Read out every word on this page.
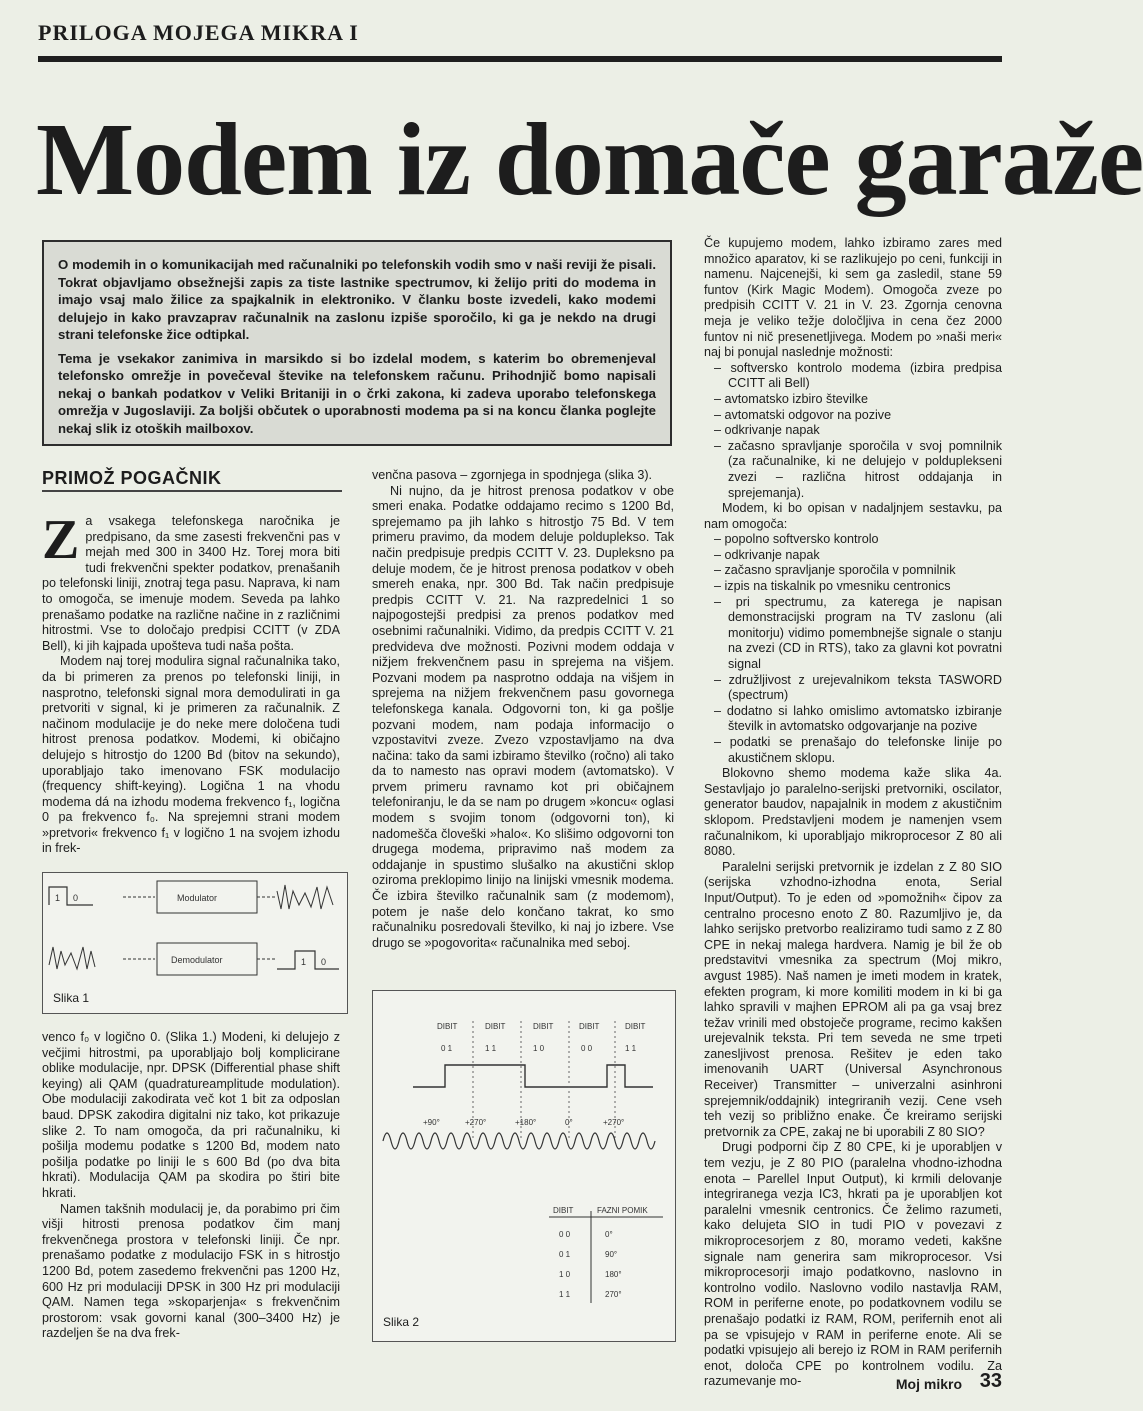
PRILOGA MOJEGA MIKRA I
Modem iz domače garaže

O modemih in o komunikacijah med računalniki po telefonskih vodih smo v naši reviji že pisali. Tokrat objavljamo obsežnejši zapis za tiste lastnike spectrumov, ki želijo priti do modema in imajo vsaj malo žilice za spajkalnik in elektroniko. V članku boste izvedeli, kako modemi delujejo in kako pravzaprav računalnik na zaslonu izpiše sporočilo, ki ga je nekdo na drugi strani telefonske žice odtipkal.

Tema je vsekakor zanimiva in marsikdo si bo izdelal modem, s katerim bo obremenjeval telefonsko omrežje in povečeval števike na telefonskem računu. Prihodnjič bomo napisali nekaj o bankah podatkov v Veliki Britaniji in o črki zakona, ki zadeva uporabo telefonskega omrežja v Jugoslaviji. Za boljši občutek o uporabnosti modema pa si na koncu članka poglejte nekaj slik iz otoških mailboxov.

PRIMOŽ POGAČNIK
Z a vsakega telefonskega naročnika je predpisano, da sme zasesti frekvenčni pas v mejah med 300 in 3400 Hz. Torej mora biti tudi frekvenčni spekter podatkov, prenašanih po telefonski liniji, znotraj tega pasu. Naprava, ki nam to omogoča, se imenuje modem. Seveda pa lahko prenašamo podatke na različne načine in z različnimi hitrostmi. Vse to določajo predpisi CCITT (v ZDA Bell), ki jih kajpada upošteva tudi naša pošta.

Modem naj torej modulira signal računalnika tako, da bi primeren za prenos po telefonski liniji, in nasprotno, telefonski signal mora demodulirati in ga pretvoriti v signal, ki je primeren za računalnik. Z načinom modulacije je do neke mere določena tudi hitrost prenosa podatkov. Modemi, ki običajno delujejo s hitrostjo do 1200 Bd (bitov na sekundo), uporabljajo tako imenovano FSK modulacijo (frequency shift-keying). Logična 1 na vhodu modema dá na izhodu modema frekvenco f₁, logična 0 pa frekvenco f₀. Na sprejemni strani modem »pretvori« frekvenco f₁ v logično 1 na svojem izhodu in frek-

0
1	Modulator
Demodulator	1 0
Slika 1

venco f₀ v logično 0. (Slika 1.) Modeni, ki delujejo z večjimi hitrostmi, pa uporabljajo bolj komplicirane oblike modulacije, npr. DPSK (Differential phase shift keying) ali QAM (quadratureamplitude modulation). Obe modulaciji zakodirata več kot 1 bit za odposlan baud. DPSK zakodira digitalni niz tako, kot prikazuje slike 2. To nam omogoča, da pri računalniku, ki pošilja modemu podatke s 1200 Bd, modem nato pošilja podatke po liniji le s 600 Bd (po dva bita hkrati). Modulacija QAM pa skodira po štiri bite hkrati.

Namen takšnih modulacij je, da porabimo pri čim višji hitrosti prenosa podatkov čim manj frekvenčnega prostora v telefonski liniji. Če npr. prenašamo podatke z modulacijo FSK in s hitrostjo 1200 Bd, potem zasedemo frekvenčni pas 1200 Hz, 600 Hz pri modulaciji DPSK in 300 Hz pri modulaciji QAM. Namen tega »skoparjenja« s frekvenčnim prostorom: vsak govorni kanal (300–3400 Hz) je razdeljen še na dva frek-

venčna pasova – zgornjega in spodnjega (slika 3).

Ni nujno, da je hitrost prenosa podatkov v obe smeri enaka. Podatke oddajamo recimo s 1200 Bd, sprejemamo pa jih lahko s hitrostjo 75 Bd. V tem primeru pravimo, da modem deluje polduplekso. Tak način predpisuje predpis CCITT V. 23. Dupleksno pa deluje modem, če je hitrost prenosa podatkov v obeh smereh enaka, npr. 300 Bd. Tak način predpisuje predpis CCITT V. 21. Na razpredelnici 1 so najpogostejši predpisi za prenos podatkov med osebnimi računalniki. Vidimo, da predpis CCITT V. 21 predvideva dve možnosti. Pozivni modem oddaja v nižjem frekvenčnem pasu in sprejema na višjem. Pozvani modem pa nasprotno oddaja na višjem in sprejema na nižjem frekvenčnem pasu govornega telefonskega kanala. Odgovorni ton, ki ga pošlje pozvani modem, nam podaja informacijo o vzpostavitvi zveze. Zvezo vzpostavljamo na dva načina: tako da sami izbiramo številko (ročno) ali tako da to namesto nas opravi modem (avtomatsko). V prvem primeru ravnamo kot pri običajnem telefoniranju, le da se nam po drugem »koncu« oglasi modem s svojim tonom (odgovorni ton), ki nadomešča človeški »halo«. Ko slišimo odgovorni ton drugega modema, pripravimo naš modem za oddajanje in spustimo slušalko na akustični sklop oziroma preklopimo linijo na linijski vmesnik modema. Če izbira številko računalnik sam (z modemom), potem je naše delo končano takrat, ko smo računalniku posredovali številko, ki naj jo izbere. Vse drugo se »pogovorita« računalnika med seboj.

DIBIT	DIBIT	DIBIT	DIBIT	DIBIT
0 1	1 1	1 0	0 0	1 1
+90°	+270°	+180°	0°	+270°
DIBIT	FAZNI POMIK
0 0	0°
0 1	90°
1 0	180°
1 1	270°
Slika 2

Če kupujemo modem, lahko izbiramo zares med množico aparatov, ki se razlikujejo po ceni, funkciji in namenu. Najcenejši, ki sem ga zasledil, stane 59 funtov (Kirk Magic Modem). Omogoča zveze po predpisih CCITT V. 21 in V. 23. Zgornja cenovna meja je veliko težje določljiva in cena čez 2000 funtov ni nič presenetljivega. Modem po »naši meri« naj bi ponujal naslednje možnosti:

– softversko kontrolo modema (izbira predpisa CCITT ali Bell)
– avtomatsko izbiro številke
– avtomatski odgovor na pozive
– odkrivanje napak
– začasno spravljanje sporočila v svoj pomnilnik (za računalnike, ki ne delujejo v polduplekseni zvezi – različna hitrost oddajanja in sprejemanja).

Modem, ki bo opisan v nadaljnjem sestavku, pa nam omogoča:

– popolno softversko kontrolo
– odkrivanje napak
– začasno spravljanje sporočila v pomnilnik
– izpis na tiskalnik po vmesniku centronics
– pri spectrumu, za katerega je napisan demonstracijski program na TV zaslonu (ali monitorju) vidimo pomembnejše signale o stanju na zvezi (CD in RTS), tako za glavni kot povratni signal
– združljivost z urejevalnikom teksta TASWORD (spectrum)
– dodatno si lahko omislimo avtomatsko izbiranje številk in avtomatsko odgovarjanje na pozive
– podatki se prenašajo do telefonske linije po akustičnem sklopu.

Blokovno shemo modema kaže slika 4a. Sestavljajo jo paralelno-serijski pretvorniki, oscilator, generator baudov, napajalnik in modem z akustičnim sklopom. Predstavljeni modem je namenjen vsem računalnikom, ki uporabljajo mikroprocesor Z 80 ali 8080.

Paralelni serijski pretvornik je izdelan z Z 80 SIO (serijska vzhodno-izhodna enota, Serial Input/Output). To je eden od »pomožnih« čipov za centralno procesno enoto Z 80. Razumljivo je, da lahko serijsko pretvorbo realiziramo tudi samo z Z 80 CPE in nekaj malega hardvera. Namig je bil že ob predstavitvi vmesnika za spectrum (Moj mikro, avgust 1985). Naš namen je imeti modem in kratek, efekten program, ki more komiliti modem in ki bi ga lahko spravili v majhen EPROM ali pa ga vsaj brez težav vrinili med obstoječe programe, recimo kakšen urejevalnik teksta. Pri tem seveda ne sme trpeti zanesljivost prenosa. Rešitev je eden tako imenovanih UART (Universal Asynchronous Receiver) Transmitter – univerzalni asinhroni sprejemnik/oddajnik) integriranih vezij. Cene vseh teh vezij so približno enake. Če kreiramo serijski pretvornik za CPE, zakaj ne bi uporabili Z 80 SIO?

Drugi podporni čip Z 80 CPE, ki je uporabljen v tem vezju, je Z 80 PIO (paralelna vhodno-izhodna enota – Parellel Input Output), ki krmili delovanje integriranega vezja IC3, hkrati pa je uporabljen kot paralelni vmesnik centronics. Če želimo razumeti, kako delujeta SIO in tudi PIO v povezavi z mikroprocesorjem z 80, moramo vedeti, kakšne signale nam generira sam mikroprocesor. Vsi mikroprocesorji imajo podatkovno, naslovno in kontrolno vodilo. Naslovno vodilo nastavlja RAM, ROM in periferne enote, po podatkovnem vodilu se prenašajo podatki iz RAM, ROM, perifernih enot ali pa se vpisujejo v RAM in periferne enote. Ali se podatki vpisujejo ali berejo iz ROM in RAM perifernih enot, določa CPE po kontrolnem vodilu. Za razumevanje mo-	Moj mikro 33
